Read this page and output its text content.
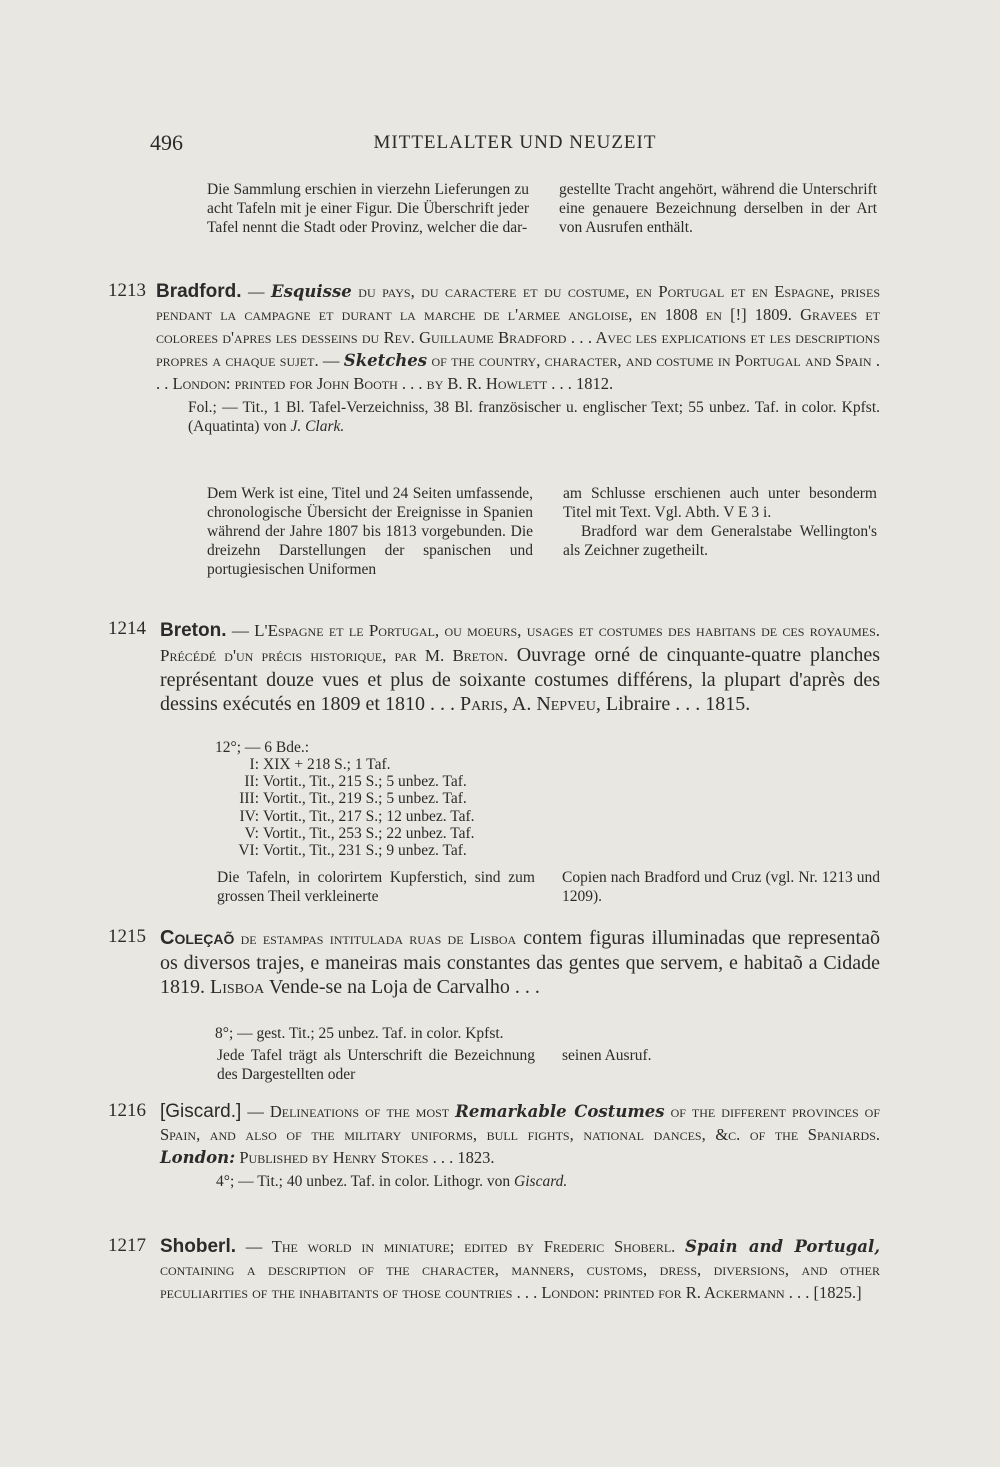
496	MITTELALTER UND NEUZEIT
Die Sammlung erschien in vierzehn Lieferungen zu acht Tafeln mit je einer Figur. Die Überschrift jeder Tafel nennt die Stadt oder Provinz, welcher die dar-
gestellte Tracht angehört, während die Unterschrift eine genauere Bezeichnung derselben in der Art von Ausrufen enthält.
1213 Bradford. — Esquisse du pays, du caractere et du costume, en Portugal et en Espagne, prises pendant la campagne et durant la marche de l'armee angloise, en 1808 en [!] 1809. Gravees et colorees d'apres les desseins du Rev. Guillaume Bradford . . . Avec les explications et les descriptions propres a chaque sujet. — Sketches of the country, character, and costume in Portugal and Spain . . . London: printed for John Booth . . . by B. R. Howlett . . . 1812.
Fol.; — Tit., 1 Bl. Tafel-Verzeichniss, 38 Bl. französischer u. englischer Text; 55 unbez. Taf. in color. Kpfst. (Aquatinta) von J. Clark.
Dem Werk ist eine, Titel und 24 Seiten umfassende, chronologische Übersicht der Ereignisse in Spanien während der Jahre 1807 bis 1813 vorgebunden. Die dreizehn Darstellungen der spanischen und portugiesischen Uniformen
am Schlusse erschienen auch unter besonderm Titel mit Text. Vgl. Abth. V E 3 i.
Bradford war dem Generalstabe Wellington's als Zeichner zugetheilt.
1214 Breton. — L'Espagne et le Portugal, ou moeurs, usages et costumes des habitans de ces royaumes. Précédé d'un précis historique, par M. Breton. Ouvrage orné de cinquante-quatre planches représentant douze vues et plus de soixante costumes différens, la plupart d'après des dessins exécutés en 1809 et 1810 . . . Paris, A. Nepveu, Libraire . . . 1815.
12°; — 6 Bde.:
I: XIX + 218 S.; 1 Taf.
II: Vortit., Tit., 215 S.; 5 unbez. Taf.
III: Vortit., Tit., 219 S.; 5 unbez. Taf.
IV: Vortit., Tit., 217 S.; 12 unbez. Taf.
V: Vortit., Tit., 253 S.; 22 unbez. Taf.
VI: Vortit., Tit., 231 S.; 9 unbez. Taf.
Die Tafeln, in colorirtem Kupferstich, sind zum grossen Theil verkleinerte
Copien nach Bradford und Cruz (vgl. Nr. 1213 und 1209).
1215 Coleçaõ de estampas intitulada ruas de Lisboa contem figuras illuminadas que representaõ os diversos trajes, e maneiras mais constantes das gentes que servem, e habitaõ a Cidade 1819. Lisboa Vende-se na Loja de Carvalho . . .
8°; — gest. Tit.; 25 unbez. Taf. in color. Kpfst.
Jede Tafel trägt als Unterschrift die Bezeichnung des Dargestellten oder
seinen Ausruf.
1216 [Giscard.] — Delineations of the most Remarkable Costumes of the different provinces of Spain, and also of the military uniforms, bull fights, national dances, &c. of the Spaniards. London: Published by Henry Stokes . . . 1823.
4°; — Tit.; 40 unbez. Taf. in color. Lithogr. von Giscard.
1217 Shoberl. — The world in miniature; edited by Frederic Shoberl. Spain and Portugal, containing a description of the character, manners, customs, dress, diversions, and other peculiarities of the inhabitants of those countries . . . London: printed for R. Ackermann . . . [1825.]
